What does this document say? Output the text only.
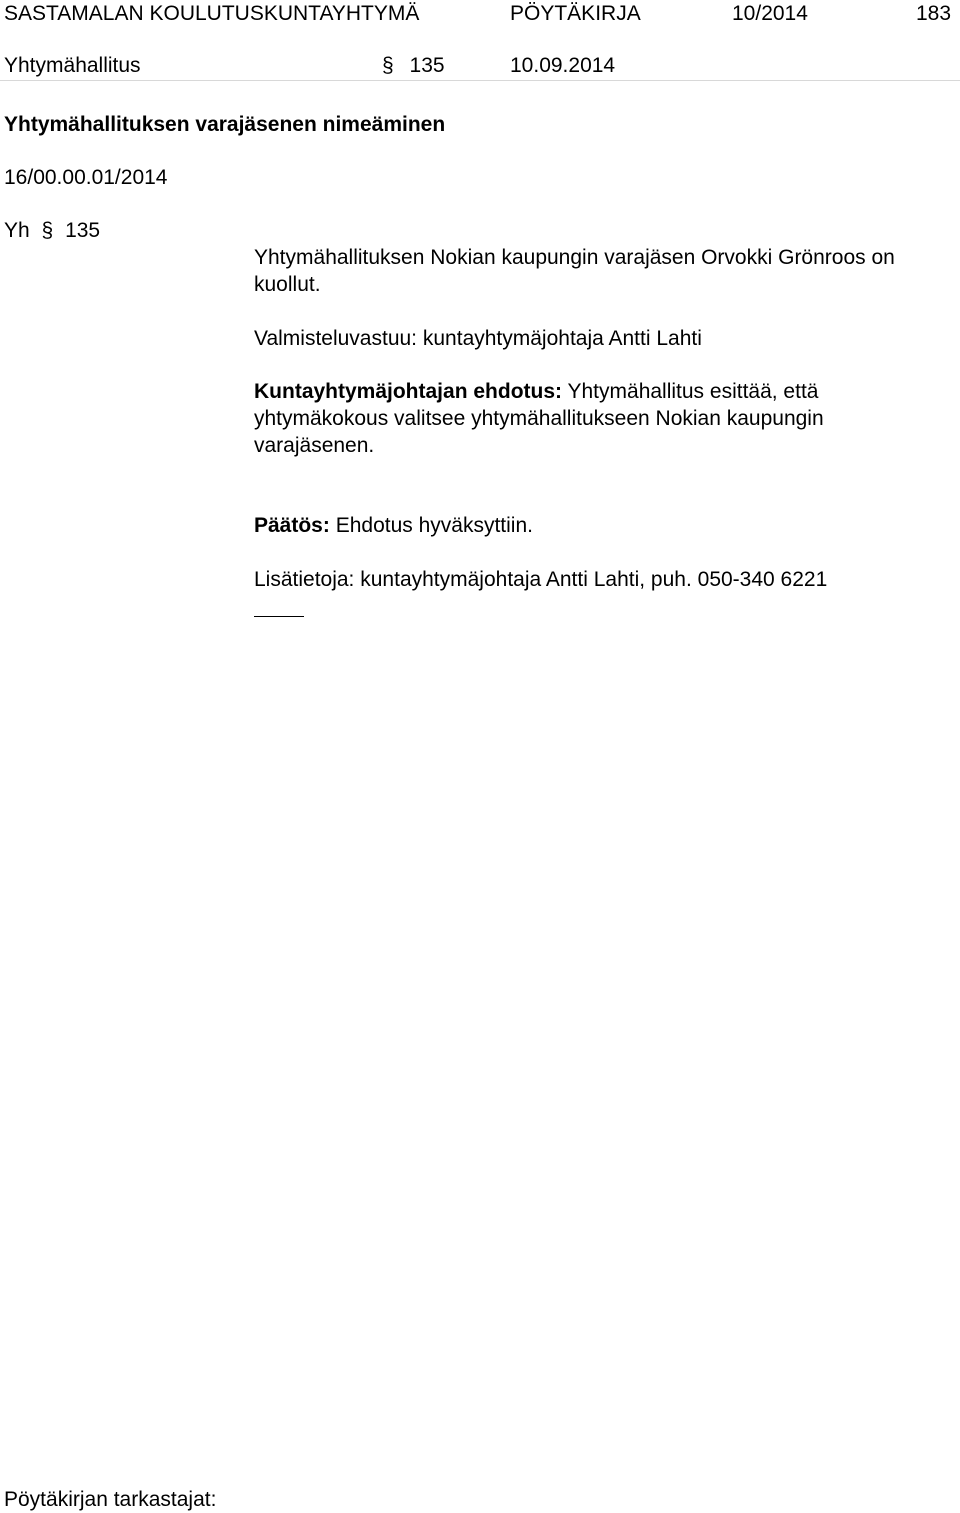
SASTAMALAN KOULUTUSKUNTAYHTYMÄ	PÖYTÄKIRJA	10/2014	183
Yhtymähallitus	§ 135	10.09.2014
Yhtymähallituksen varajäsenen nimeäminen
16/00.00.01/2014
Yh § 135
Yhtymähallituksen Nokian kaupungin varajäsen Orvokki Grönroos on kuollut.
Valmisteluvastuu: kuntayhtymäjohtaja Antti Lahti
Kuntayhtymäjohtajan ehdotus: Yhtymähallitus esittää, että yhtymäkokous valitsee yhtymähallitukseen Nokian kaupungin varajäsenen.
Päätös: Ehdotus hyväksyttiin.
Lisätietoja: kuntayhtymäjohtaja Antti Lahti, puh. 050-340 6221
Pöytäkirjan tarkastajat:
